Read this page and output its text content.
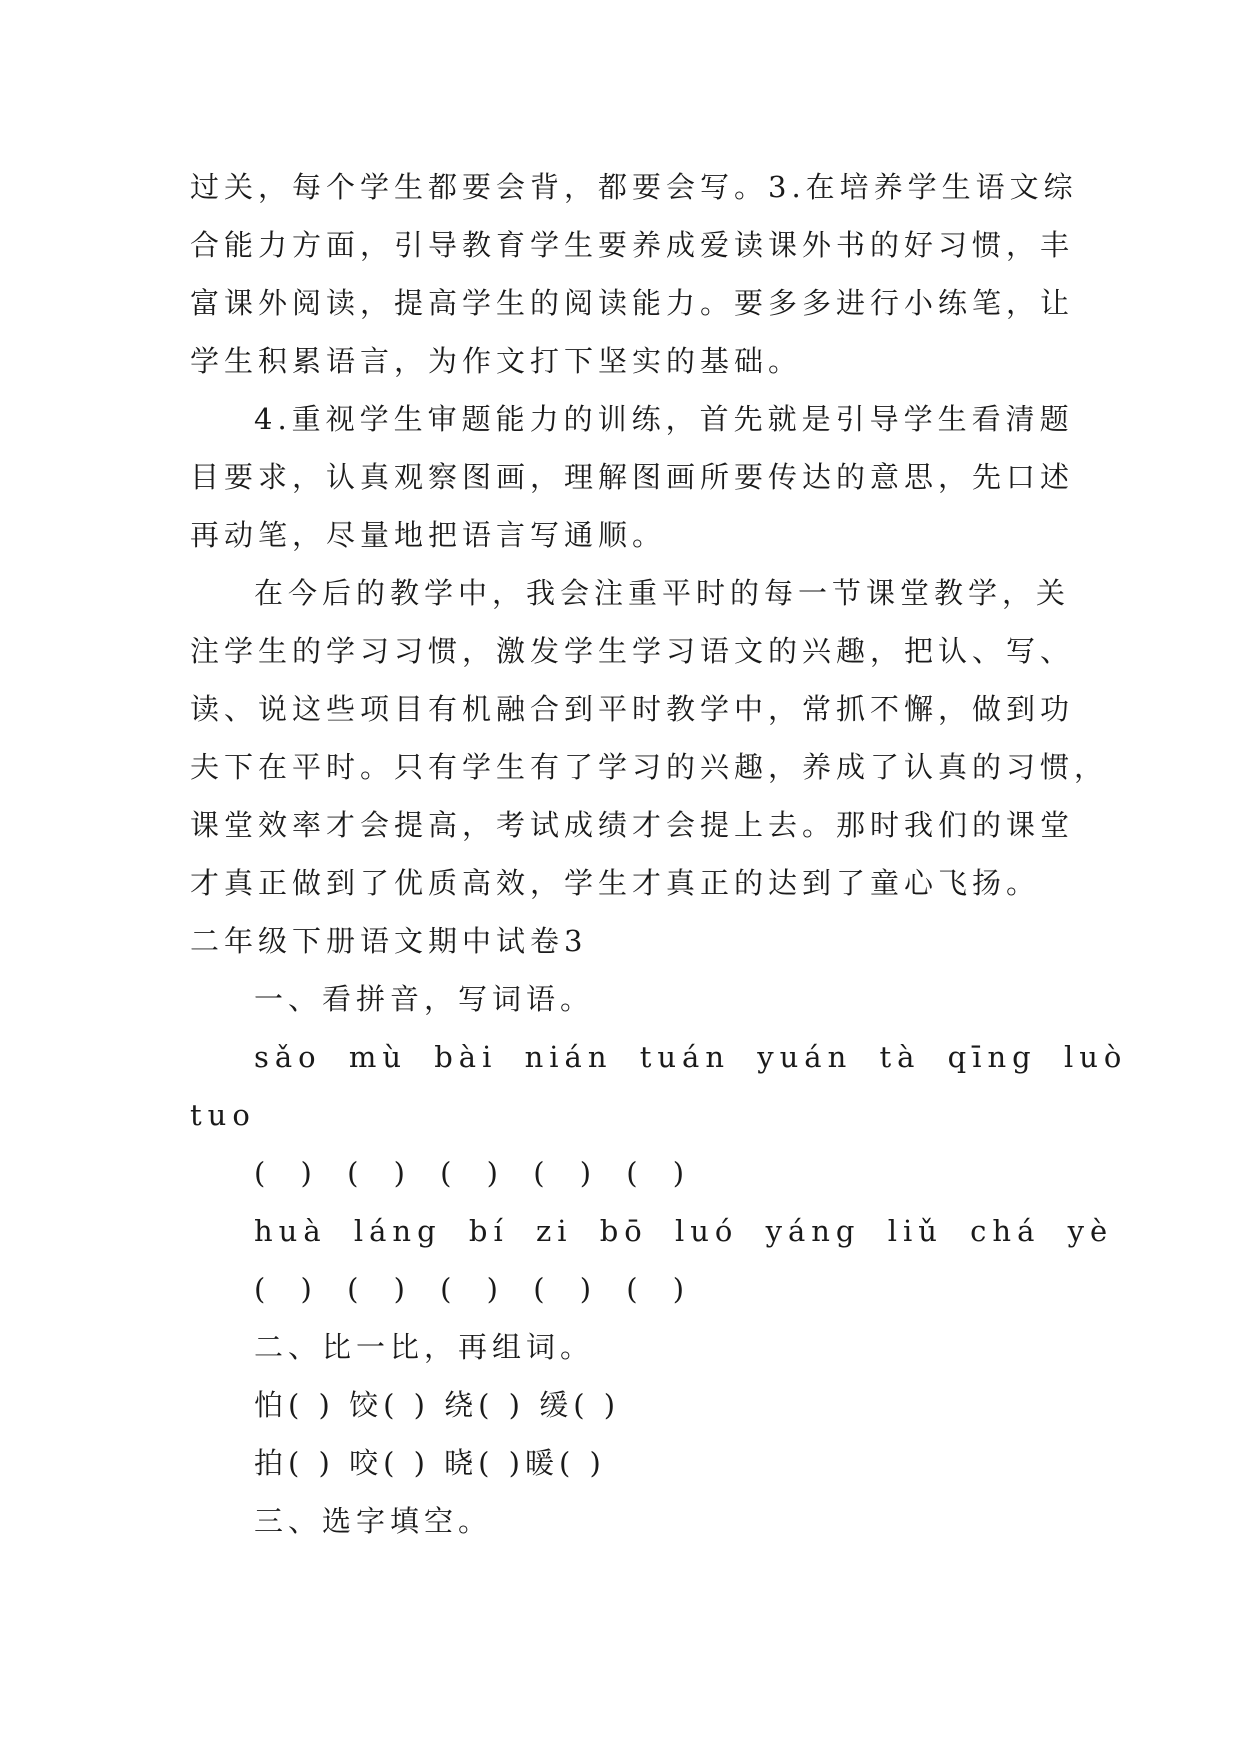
过关，每个学生都要会背，都要会写。3.在培养学生语文综
合能力方面，引导教育学生要养成爱读课外书的好习惯，丰
富课外阅读，提高学生的阅读能力。要多多进行小练笔，让
学生积累语言，为作文打下坚实的基础。
4.重视学生审题能力的训练，首先就是引导学生看清题
目要求，认真观察图画，理解图画所要传达的意思，先口述
再动笔，尽量地把语言写通顺。
在今后的教学中，我会注重平时的每一节课堂教学，关
注学生的学习习惯，激发学生学习语文的兴趣，把认、写、
读、说这些项目有机融合到平时教学中，常抓不懈，做到功
夫下在平时。只有学生有了学习的兴趣，养成了认真的习惯，
课堂效率才会提高，考试成绩才会提上去。那时我们的课堂
才真正做到了优质高效，学生才真正的达到了童心飞扬。
二年级下册语文期中试卷3
一、看拼音，写词语。
sǎo mù bài nián tuán yuán tà qīng luò
tuo
( ) ( ) ( ) ( ) ( )
huà láng bí zi bō luó yáng liǔ chá yè
( ) ( ) ( ) ( ) ( )
二、比一比，再组词。
怕( ) 饺( ) 绕( ) 缓( )
拍( ) 咬( ) 晓( )暖( )
三、选字填空。
